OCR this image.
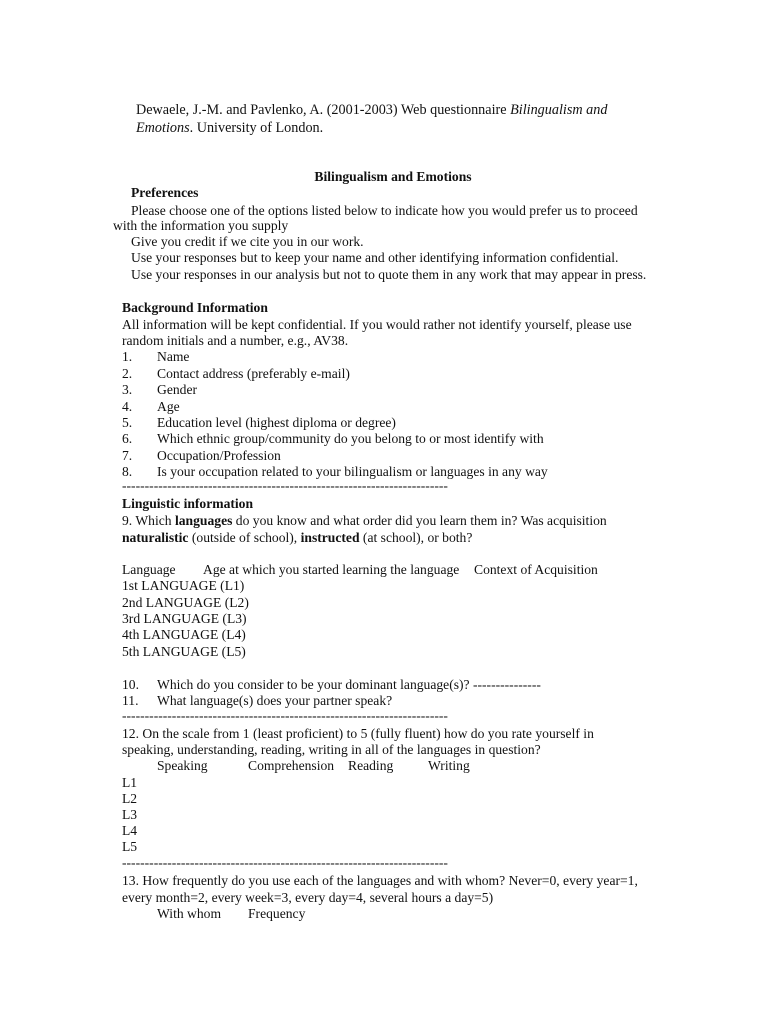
Dewaele, J.-M. and Pavlenko, A. (2001-2003) Web questionnaire Bilingualism and
Emotions. University of London.
Bilingualism and Emotions
Preferences
Please choose one of the options listed below to indicate how you would prefer us to proceed
with the information you supply
Give you credit if we cite you in our work.
Use your responses but to keep your name and other identifying information confidential.
Use your responses in our analysis but not to quote them in any work that may appear in press.
Background Information
All information will be kept confidential. If you would rather not identify yourself, please use
random initials and a number, e.g., AV38.
1. Name
2. Contact address (preferably e-mail)
3. Gender
4. Age
5. Education level (highest diploma or degree)
6. Which ethnic group/community do you belong to or most identify with
7. Occupation/Profession
8. Is your occupation related to your bilingualism or languages in any way
------------------------------------------------------------------------
Linguistic information
9. Which languages do you know and what order did you learn them in? Was acquisition
naturalistic (outside of school), instructed (at school), or both?
Language Age at which you started learning the language Context of Acquisition
1st LANGUAGE (L1)
2nd LANGUAGE (L2)
3rd LANGUAGE (L3)
4th LANGUAGE (L4)
5th LANGUAGE (L5)
10. Which do you consider to be your dominant language(s)? ---------------
11. What language(s) does your partner speak?
------------------------------------------------------------------------
12. On the scale from 1 (least proficient) to 5 (fully fluent) how do you rate yourself in
speaking, understanding, reading, writing in all of the languages in question?
Speaking	Comprehension Reading	Writing
L1
L2
L3
L4
L5
------------------------------------------------------------------------
13. How frequently do you use each of the languages and with whom? Never=0, every year=1,
every month=2, every week=3, every day=4, several hours a day=5)
With whom Frequency
